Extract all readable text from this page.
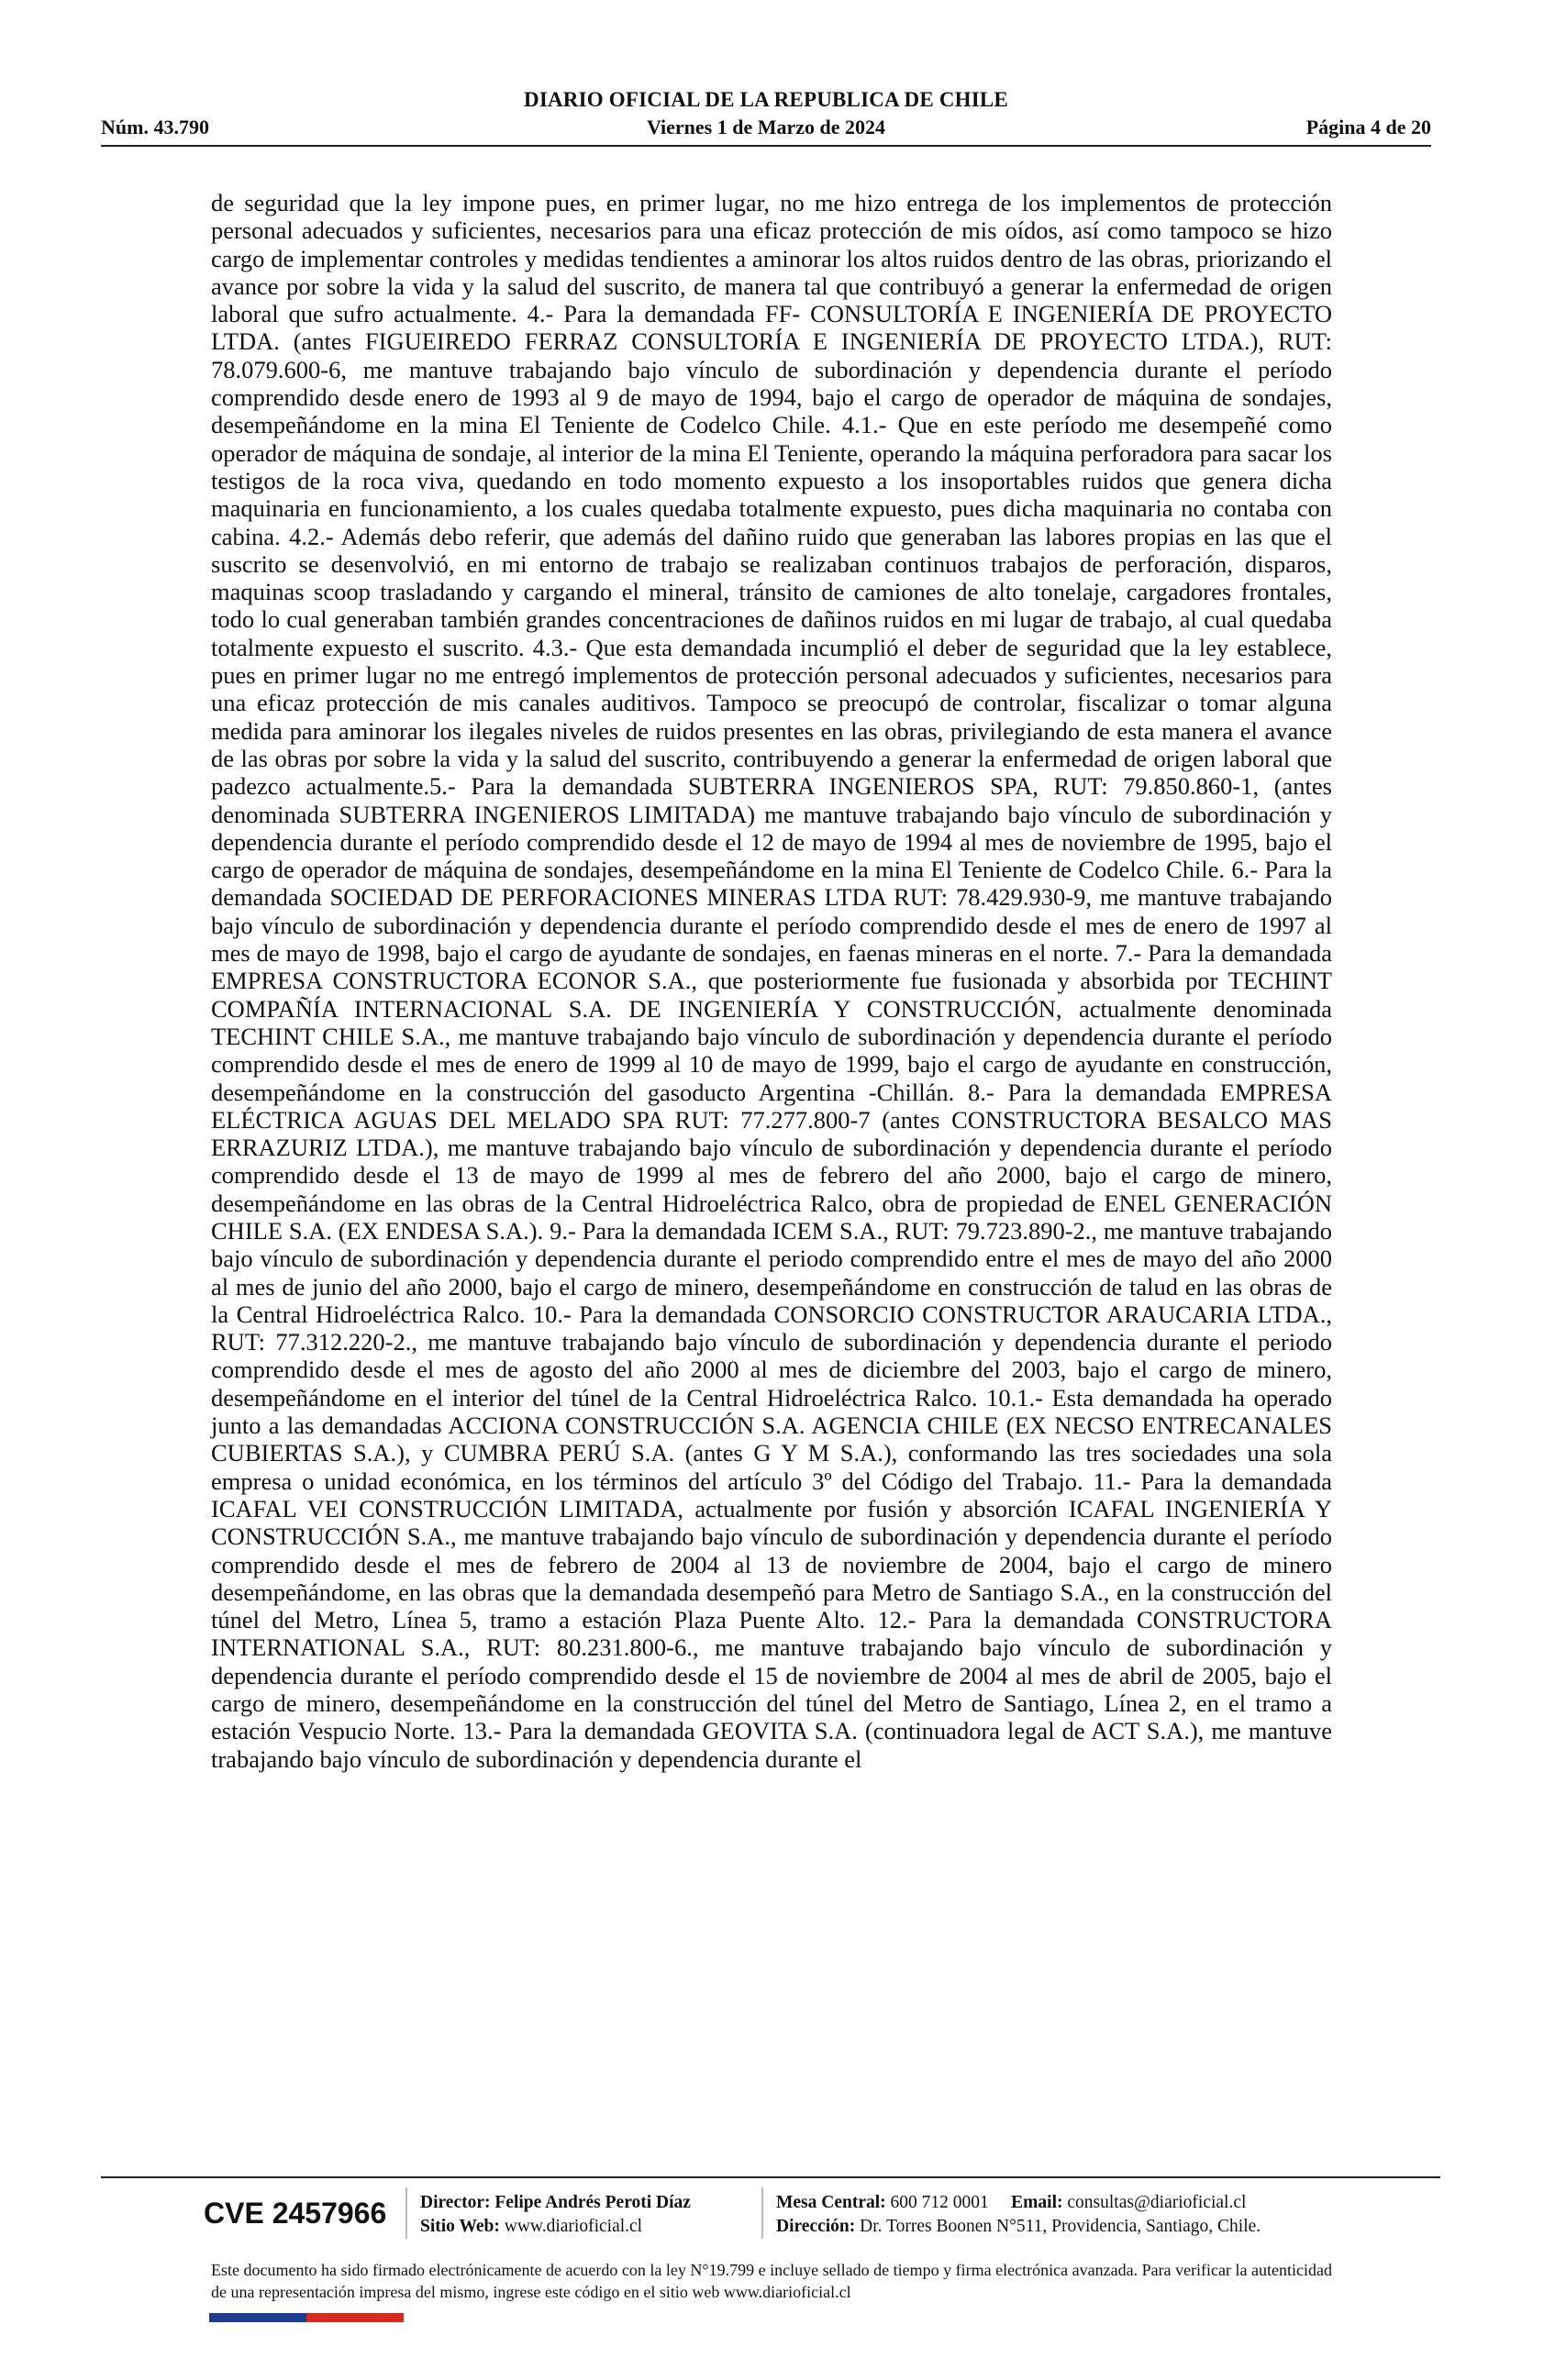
DIARIO OFICIAL DE LA REPUBLICA DE CHILE
Núm. 43.790	Viernes 1 de Marzo de 2024	Página 4 de 20
de seguridad que la ley impone pues, en primer lugar, no me hizo entrega de los implementos de protección personal adecuados y suficientes, necesarios para una eficaz protección de mis oídos, así como tampoco se hizo cargo de implementar controles y medidas tendientes a aminorar los altos ruidos dentro de las obras, priorizando el avance por sobre la vida y la salud del suscrito, de manera tal que contribuyó a generar la enfermedad de origen laboral que sufro actualmente. 4.- Para la demandada FF- CONSULTORÍA E INGENIERÍA DE PROYECTO LTDA. (antes FIGUEIREDO FERRAZ CONSULTORÍA E INGENIERÍA DE PROYECTO LTDA.), RUT: 78.079.600-6, me mantuve trabajando bajo vínculo de subordinación y dependencia durante el período comprendido desde enero de 1993 al 9 de mayo de 1994, bajo el cargo de operador de máquina de sondajes, desempeñándome en la mina El Teniente de Codelco Chile. 4.1.- Que en este período me desempeñé como operador de máquina de sondaje, al interior de la mina El Teniente, operando la máquina perforadora para sacar los testigos de la roca viva, quedando en todo momento expuesto a los insoportables ruidos que genera dicha maquinaria en funcionamiento, a los cuales quedaba totalmente expuesto, pues dicha maquinaria no contaba con cabina. 4.2.- Además debo referir, que además del dañino ruido que generaban las labores propias en las que el suscrito se desenvolvió, en mi entorno de trabajo se realizaban continuos trabajos de perforación, disparos, maquinas scoop trasladando y cargando el mineral, tránsito de camiones de alto tonelaje, cargadores frontales, todo lo cual generaban también grandes concentraciones de dañinos ruidos en mi lugar de trabajo, al cual quedaba totalmente expuesto el suscrito. 4.3.- Que esta demandada incumplió el deber de seguridad que la ley establece, pues en primer lugar no me entregó implementos de protección personal adecuados y suficientes, necesarios para una eficaz protección de mis canales auditivos. Tampoco se preocupó de controlar, fiscalizar o tomar alguna medida para aminorar los ilegales niveles de ruidos presentes en las obras, privilegiando de esta manera el avance de las obras por sobre la vida y la salud del suscrito, contribuyendo a generar la enfermedad de origen laboral que padezco actualmente.5.- Para la demandada SUBTERRA INGENIEROS SPA, RUT: 79.850.860-1, (antes denominada SUBTERRA INGENIEROS LIMITADA) me mantuve trabajando bajo vínculo de subordinación y dependencia durante el período comprendido desde el 12 de mayo de 1994 al mes de noviembre de 1995, bajo el cargo de operador de máquina de sondajes, desempeñándome en la mina El Teniente de Codelco Chile. 6.- Para la demandada SOCIEDAD DE PERFORACIONES MINERAS LTDA RUT: 78.429.930-9, me mantuve trabajando bajo vínculo de subordinación y dependencia durante el período comprendido desde el mes de enero de 1997 al mes de mayo de 1998, bajo el cargo de ayudante de sondajes, en faenas mineras en el norte. 7.- Para la demandada EMPRESA CONSTRUCTORA ECONOR S.A., que posteriormente fue fusionada y absorbida por TECHINT COMPAÑÍA INTERNACIONAL S.A. DE INGENIERÍA Y CONSTRUCCIÓN, actualmente denominada TECHINT CHILE S.A., me mantuve trabajando bajo vínculo de subordinación y dependencia durante el período comprendido desde el mes de enero de 1999 al 10 de mayo de 1999, bajo el cargo de ayudante en construcción, desempeñándome en la construcción del gasoducto Argentina -Chillán. 8.- Para la demandada EMPRESA ELÉCTRICA AGUAS DEL MELADO SPA RUT: 77.277.800-7 (antes CONSTRUCTORA BESALCO MAS ERRAZURIZ LTDA.), me mantuve trabajando bajo vínculo de subordinación y dependencia durante el período comprendido desde el 13 de mayo de 1999 al mes de febrero del año 2000, bajo el cargo de minero, desempeñándome en las obras de la Central Hidroeléctrica Ralco, obra de propiedad de ENEL GENERACIÓN CHILE S.A. (EX ENDESA S.A.). 9.- Para la demandada ICEM S.A., RUT: 79.723.890-2., me mantuve trabajando bajo vínculo de subordinación y dependencia durante el periodo comprendido entre el mes de mayo del año 2000 al mes de junio del año 2000, bajo el cargo de minero, desempeñándome en construcción de talud en las obras de la Central Hidroeléctrica Ralco. 10.- Para la demandada CONSORCIO CONSTRUCTOR ARAUCARIA LTDA., RUT: 77.312.220-2., me mantuve trabajando bajo vínculo de subordinación y dependencia durante el periodo comprendido desde el mes de agosto del año 2000 al mes de diciembre del 2003, bajo el cargo de minero, desempeñándome en el interior del túnel de la Central Hidroeléctrica Ralco. 10.1.- Esta demandada ha operado junto a las demandadas ACCIONA CONSTRUCCIÓN S.A. AGENCIA CHILE (EX NECSO ENTRECANALES CUBIERTAS S.A.), y CUMBRA PERÚ S.A. (antes G Y M S.A.), conformando las tres sociedades una sola empresa o unidad económica, en los términos del artículo 3º del Código del Trabajo. 11.- Para la demandada ICAFAL VEI CONSTRUCCIÓN LIMITADA, actualmente por fusión y absorción ICAFAL INGENIERÍA Y CONSTRUCCIÓN S.A., me mantuve trabajando bajo vínculo de subordinación y dependencia durante el período comprendido desde el mes de febrero de 2004 al 13 de noviembre de 2004, bajo el cargo de minero desempeñándome, en las obras que la demandada desempeñó para Metro de Santiago S.A., en la construcción del túnel del Metro, Línea 5, tramo a estación Plaza Puente Alto. 12.- Para la demandada CONSTRUCTORA INTERNATIONAL S.A., RUT: 80.231.800-6., me mantuve trabajando bajo vínculo de subordinación y dependencia durante el período comprendido desde el 15 de noviembre de 2004 al mes de abril de 2005, bajo el cargo de minero, desempeñándome en la construcción del túnel del Metro de Santiago, Línea 2, en el tramo a estación Vespucio Norte. 13.- Para la demandada GEOVITA S.A. (continuadora legal de ACT S.A.), me mantuve trabajando bajo vínculo de subordinación y dependencia durante el
CVE 2457966 Director: Felipe Andrés Peroti Díaz
Sitio Web: www.diarioficial.cl
Mesa Central: 600 712 0001 Email: consultas@diarioficial.cl
Dirección: Dr. Torres Boonen N°511, Providencia, Santiago, Chile.
Este documento ha sido firmado electrónicamente de acuerdo con la ley N°19.799 e incluye sellado de tiempo y firma electrónica avanzada. Para verificar la autenticidad de una representación impresa del mismo, ingrese este código en el sitio web www.diarioficial.cl
